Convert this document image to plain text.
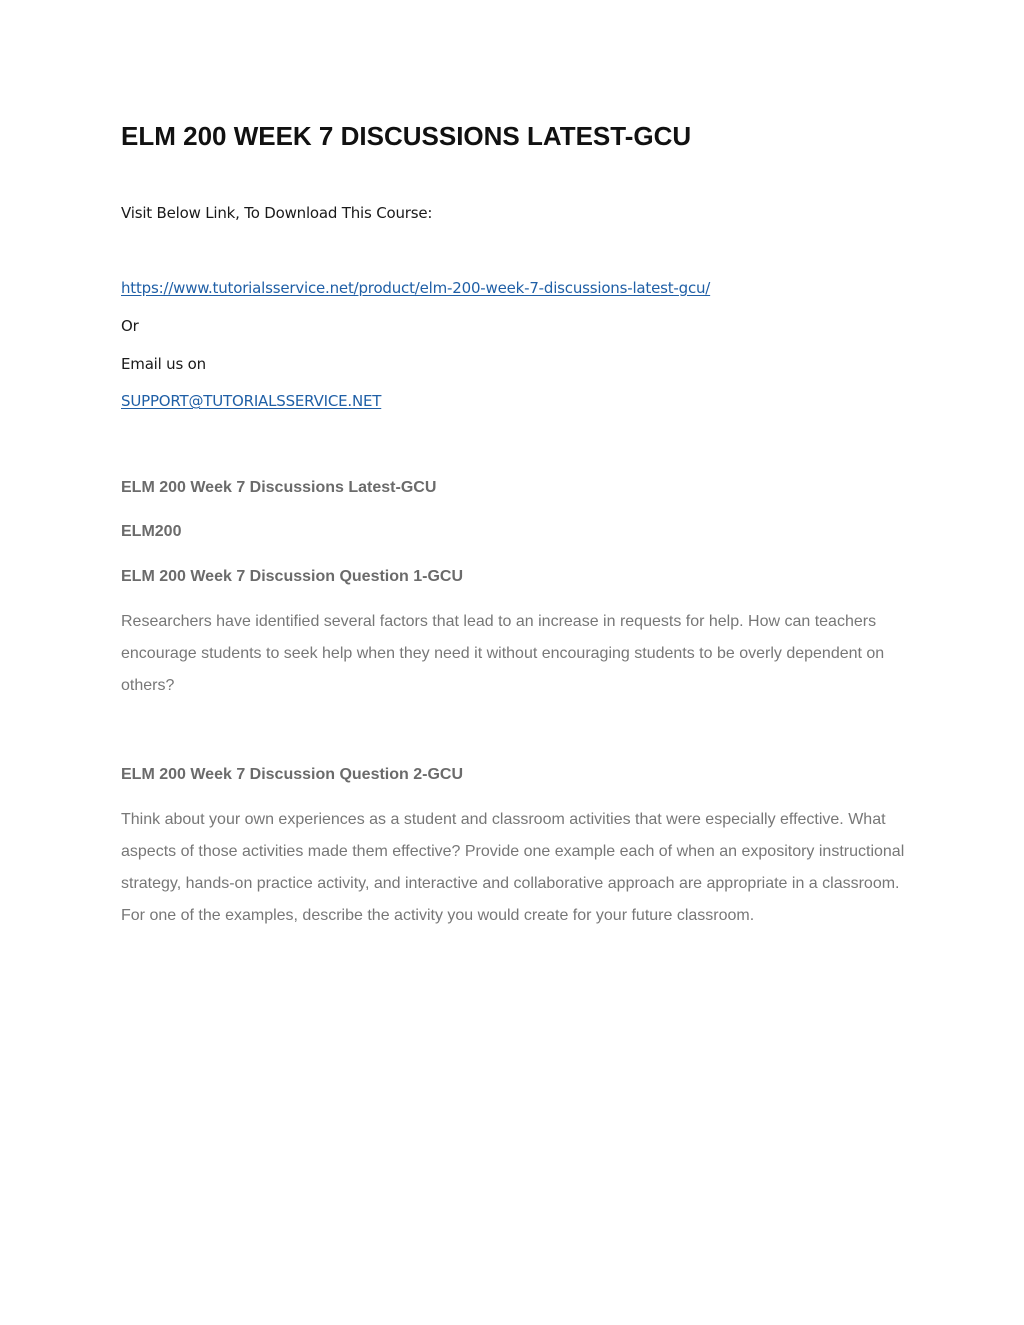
ELM 200 WEEK 7 DISCUSSIONS LATEST-GCU

Visit Below Link, To Download This Course:

https://www.tutorialsservice.net/product/elm-200-week-7-discussions-latest-gcu/

Or

Email us on

SUPPORT@TUTORIALSSERVICE.NET
ELM 200 Week 7 Discussions Latest-GCU
ELM200
ELM 200 Week 7 Discussion Question 1-GCU

Researchers have identified several factors that lead to an increase in requests for help. How can teachers encourage students to seek help when they need it without encouraging students to be overly dependent on others?

ELM 200 Week 7 Discussion Question 2-GCU

Think about your own experiences as a student and classroom activities that were especially effective. What aspects of those activities made them effective? Provide one example each of when an expository instructional strategy, hands-on practice activity, and interactive and collaborative approach are appropriate in a classroom. For one of the examples, describe the activity you would create for your future classroom.
